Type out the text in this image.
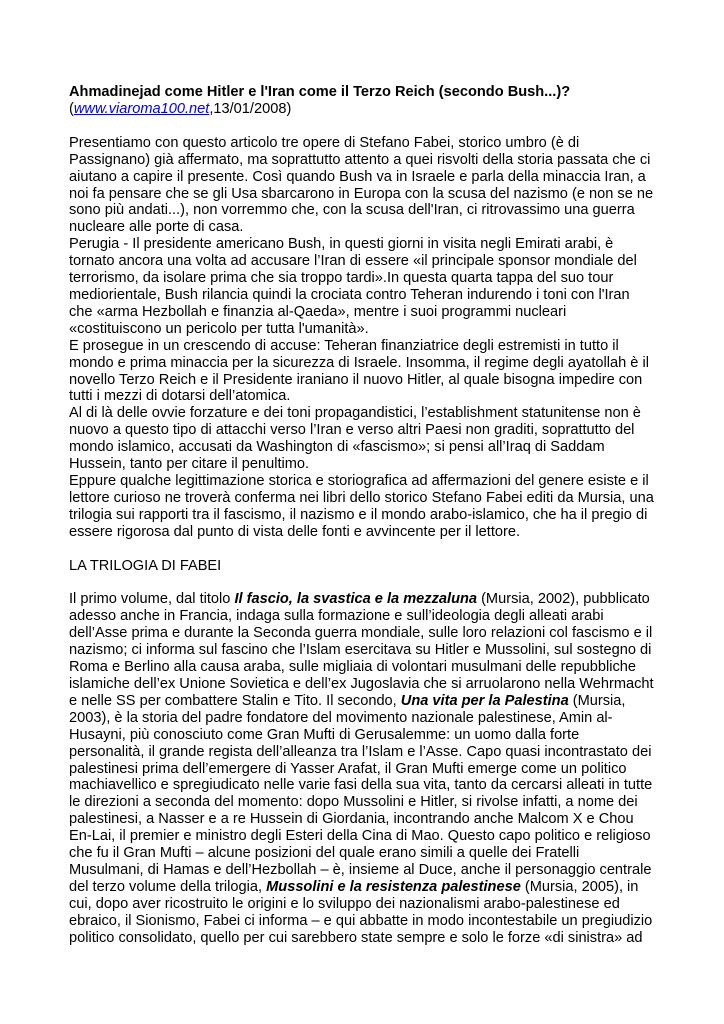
Ahmadinejad come Hitler e l'Iran come il Terzo Reich (secondo Bush...)?

(www.viaroma100.net,13/01/2008)

Presentiamo con questo articolo tre opere di Stefano Fabei, storico umbro (è di Passignano) già affermato, ma soprattutto attento a quei risvolti della storia passata che ci aiutano a capire il presente. Così quando Bush va in Israele e parla della minaccia Iran, a noi fa pensare che se gli Usa sbarcarono in Europa con la scusa del nazismo (e non se ne sono più andati...), non vorremmo che, con la scusa dell'Iran, ci ritrovassimo una guerra nucleare alle porte di casa.

Perugia - Il presidente americano Bush, in questi giorni in visita negli Emirati arabi, è tornato ancora una volta ad accusare l’Iran di essere «il principale sponsor mondiale del terrorismo, da isolare prima che sia troppo tardi».In questa quarta tappa del suo tour mediorientale, Bush rilancia quindi la crociata contro Teheran indurendo i toni con l'Iran che «arma Hezbollah e finanzia al-Qaeda», mentre i suoi programmi nucleari «costituiscono un pericolo per tutta l'umanità».

E prosegue in un crescendo di accuse: Teheran finanziatrice degli estremisti in tutto il mondo e prima minaccia per la sicurezza di Israele. Insomma, il regime degli ayatollah è il novello Terzo Reich e il Presidente iraniano il nuovo Hitler, al quale bisogna impedire con tutti i mezzi di dotarsi dell’atomica.

Al di là delle ovvie forzature e dei toni propagandistici, l’establishment statunitense non è nuovo a questo tipo di attacchi verso l’Iran e verso altri Paesi non graditi, soprattutto del mondo islamico, accusati da Washington di «fascismo»; si pensi all’Iraq di Saddam Hussein, tanto per citare il penultimo.

Eppure qualche legittimazione storica e storiografica ad affermazioni del genere esiste e il lettore curioso ne troverà conferma nei libri dello storico Stefano Fabei editi da Mursia, una trilogia sui rapporti tra il fascismo, il nazismo e il mondo arabo-islamico, che ha il pregio di essere rigorosa dal punto di vista delle fonti e avvincente per il lettore.

LA TRILOGIA DI FABEI

Il primo volume, dal titolo Il fascio, la svastica e la mezzaluna (Mursia, 2002), pubblicato adesso anche in Francia, indaga sulla formazione e sull’ideologia degli alleati arabi dell’Asse prima e durante la Seconda guerra mondiale, sulle loro relazioni col fascismo e il nazismo; ci informa sul fascino che l’Islam esercitava su Hitler e Mussolini, sul sostegno di Roma e Berlino alla causa araba, sulle migliaia di volontari musulmani delle repubbliche islamiche dell’ex Unione Sovietica e dell’ex Jugoslavia che si arruolarono nella Wehrmacht e nelle SS per combattere Stalin e Tito. Il secondo, Una vita per la Palestina (Mursia, 2003), è la storia del padre fondatore del movimento nazionale palestinese, Amin al-Husayni, più conosciuto come Gran Mufti di Gerusalemme: un uomo dalla forte personalità, il grande regista dell’alleanza tra l’Islam e l’Asse. Capo quasi incontrastato dei palestinesi prima dell’emergere di Yasser Arafat, il Gran Mufti emerge come un politico machiavellico e spregiudicato nelle varie fasi della sua vita, tanto da cercarsi alleati in tutte le direzioni a seconda del momento: dopo Mussolini e Hitler, si rivolse infatti, a nome dei palestinesi, a Nasser e a re Hussein di Giordania, incontrando anche Malcom X e Chou En-Lai, il premier e ministro degli Esteri della Cina di Mao. Questo capo politico e religioso che fu il Gran Mufti – alcune posizioni del quale erano simili a quelle dei Fratelli Musulmani, di Hamas e dell’Hezbollah – è, insieme al Duce, anche il personaggio centrale del terzo volume della trilogia, Mussolini e la resistenza palestinese (Mursia, 2005), in cui, dopo aver ricostruito le origini e lo sviluppo dei nazionalismi arabo-palestinese ed ebraico, il Sionismo, Fabei ci informa – e qui abbatte in modo incontestabile un pregiudizio politico consolidato, quello per cui sarebbero state sempre e solo le forze «di sinistra» ad
